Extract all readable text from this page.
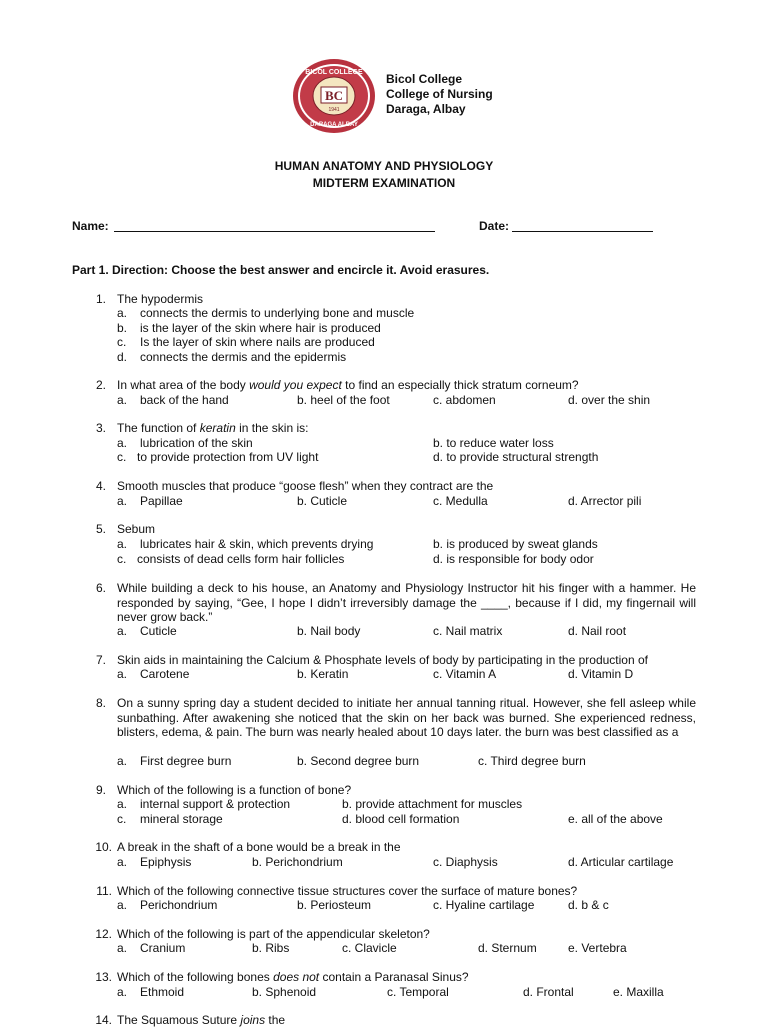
BICOL COLLEGE
DARAGA ALBAY
BC
1941
Bicol College
College of Nursing
Daraga, Albay
HUMAN ANATOMY AND PHYSIOLOGY
MIDTERM EXAMINATION
Name:	Date:
Part 1. Direction: Choose the best answer and encircle it. Avoid erasures.
1. The hypodermis
a. connects the dermis to underlying bone and muscle
b. is the layer of the skin where hair is produced
c. Is the layer of skin where nails are produced
d. connects the dermis and the epidermis
2. In what area of the body would you expect to find an especially thick stratum corneum?
a. back of the hand	b. heel of the foot	c. abdomen	d. over the shin
3. The function of keratin in the skin is:
a. lubrication of the skin	b. to reduce water loss
c. to provide protection from UV light	d. to provide structural strength
4. Smooth muscles that produce “goose flesh” when they contract are the
a. Papillae	b. Cuticle	c. Medulla	d. Arrector pili
5. Sebum
a. lubricates hair & skin, which prevents drying	b. is produced by sweat glands
c. consists of dead cells form hair follicles	d. is responsible for body odor
6. While building a deck to his house, an Anatomy and Physiology Instructor hit his finger with a hammer. He responded by saying, “Gee, I hope I didn’t irreversibly damage the ____, because if I did, my fingernail will never grow back.”
a. Cuticle	b. Nail body	c. Nail matrix	d. Nail root
7. Skin aids in maintaining the Calcium & Phosphate levels of body by participating in the production of
a. Carotene	b. Keratin	c. Vitamin A	d. Vitamin D
8. On a sunny spring day a student decided to initiate her annual tanning ritual. However, she fell asleep while sunbathing. After awakening she noticed that the skin on her back was burned. She experienced redness, blisters, edema, & pain. The burn was nearly healed about 10 days later. the burn was best classified as a
a. First degree burn	b. Second degree burn	c. Third degree burn
9. Which of the following is a function of bone?
a. internal support & protection	b. provide attachment for muscles
c. mineral storage	d. blood cell formation	e. all of the above
10. A break in the shaft of a bone would be a break in the
a. Epiphysis	b. Perichondrium	c. Diaphysis	d. Articular cartilage
11. Which of the following connective tissue structures cover the surface of mature bones?
a. Perichondrium	b. Periosteum	c. Hyaline cartilage	d. b & c
12. Which of the following is part of the appendicular skeleton?
a. Cranium	b. Ribs	c. Clavicle	d. Sternum	e. Vertebra
13. Which of the following bones does not contain a Paranasal Sinus?
a. Ethmoid	b. Sphenoid	c. Temporal	d. Frontal	e. Maxilla
14. The Squamous Suture joins the
